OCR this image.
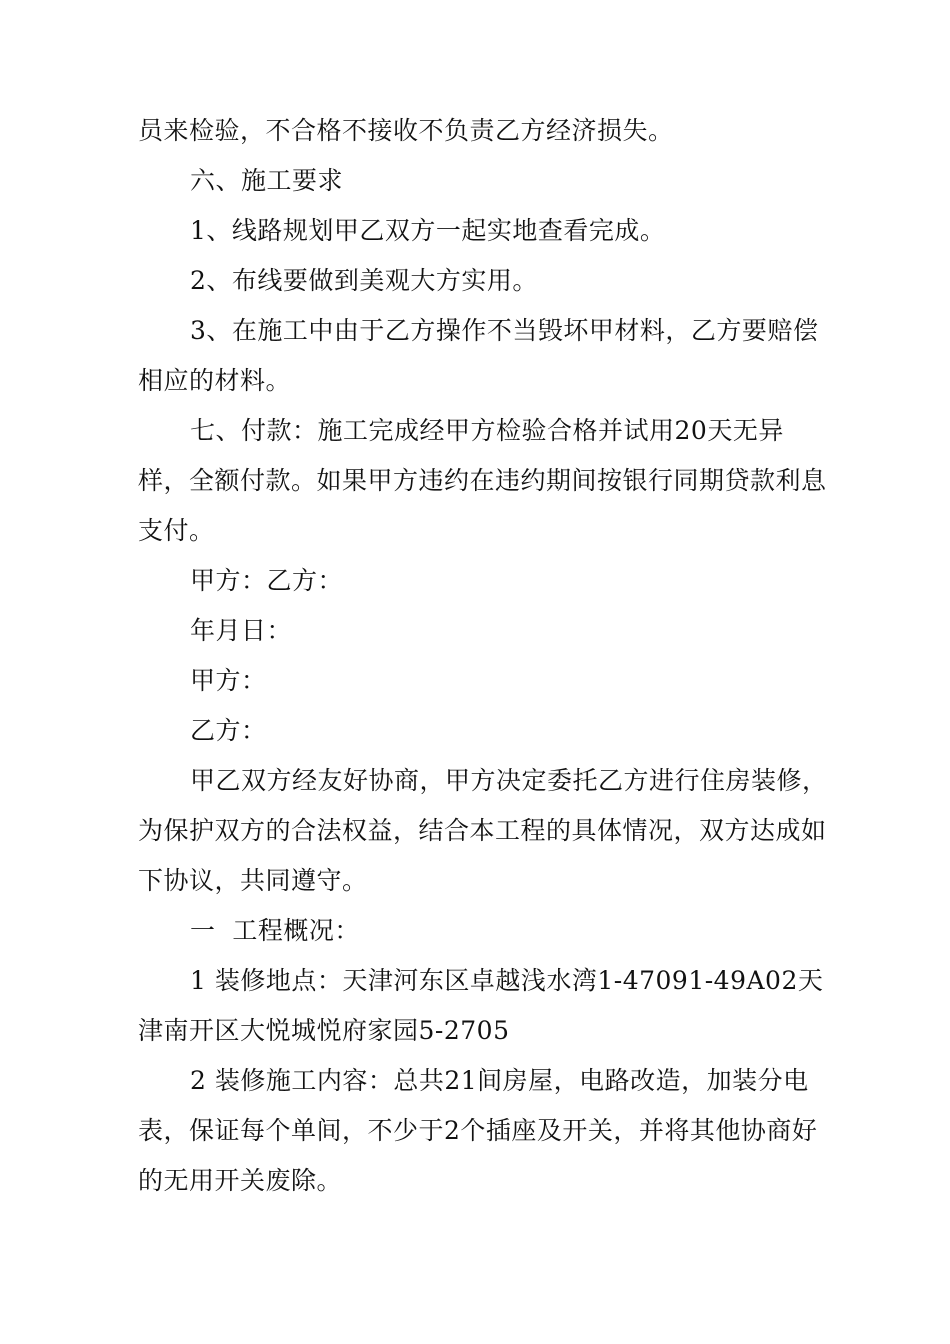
员来检验，不合格不接收不负责乙方经济损失。

六、施工要求

1、线路规划甲乙双方一起实地查看完成。

2、布线要做到美观大方实用。

3、在施工中由于乙方操作不当毁坏甲材料，乙方要赔偿相应的材料。

七、付款：施工完成经甲方检验合格并试用20天无异样，全额付款。如果甲方违约在违约期间按银行同期贷款利息支付。

甲方：乙方：

年月日：

甲方：

乙方：

甲乙双方经友好协商，甲方决定委托乙方进行住房装修，为保护双方的合法权益，结合本工程的具体情况，双方达成如下协议，共同遵守。

一  工程概况：

1 装修地点：天津河东区卓越浅水湾1-47091-49A02天津南开区大悦城悦府家园5-2705

2 装修施工内容：总共21间房屋，电路改造，加装分电表，保证每个单间，不少于2个插座及开关，并将其他协商好的无用开关废除。
